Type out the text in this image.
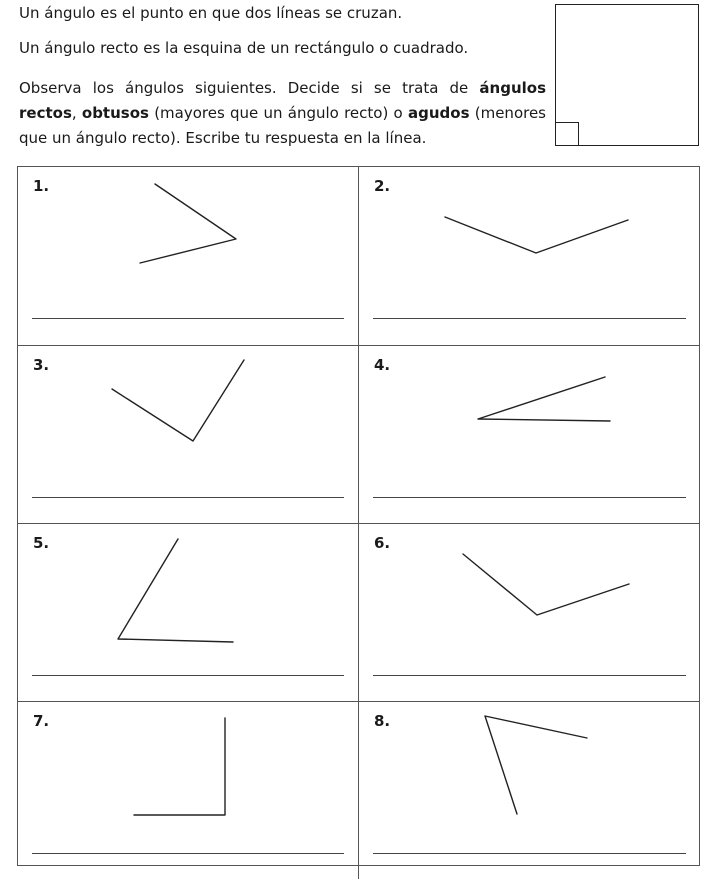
Un ángulo es el punto en que dos líneas se cruzan.

Un ángulo recto es la esquina de un rectángulo o cuadrado.

Observa los ángulos siguientes. Decide si se trata de ángulos rectos, obtusos (mayores que un ángulo recto) o agudos (menores que un ángulo recto). Escribe tu respuesta en la línea.

1.	2.
3.	4.
5.	6.
7.	8.
